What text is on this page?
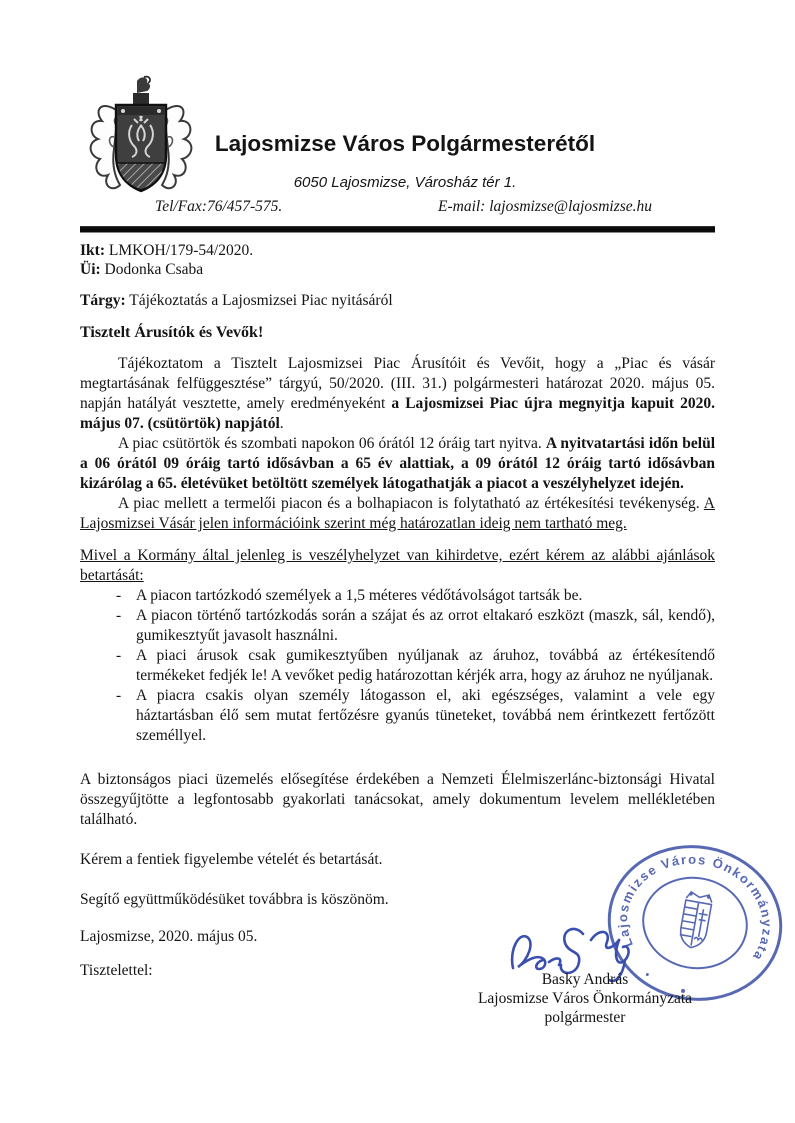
Lajosmizse Város Polgármesterétől
6050 Lajosmizse, Városház tér 1.
Tel/Fax:76/457-575.	E-mail: lajosmizse@lajosmizse.hu
Ikt: LMKOH/179-54/2020.
Üi: Dodonka Csaba
Tárgy: Tájékoztatás a Lajosmizsei Piac nyitásáról
Tisztelt Árusítók és Vevők!

Tájékoztatom a Tisztelt Lajosmizsei Piac Árusítóit és Vevőit, hogy a „Piac és vásár megtartásának felfüggesztése” tárgyú, 50/2020. (III. 31.) polgármesteri határozat 2020. május 05. napján hatályát vesztette, amely eredményeként a Lajosmizsei Piac újra megnyitja kapuit 2020. május 07. (csütörtök) napjától.

A piac csütörtök és szombati napokon 06 órától 12 óráig tart nyitva. A nyitvatartási időn belül a 06 órától 09 óráig tartó idősávban a 65 év alattiak, a 09 órától 12 óráig tartó idősávban kizárólag a 65. életévüket betöltött személyek látogathatják a piacot a veszélyhelyzet idején.

A piac mellett a termelői piacon és a bolhapiacon is folytatható az értékesítési tevékenység. A Lajosmizsei Vásár jelen információink szerint még határozatlan ideig nem tartható meg.

Mivel a Kormány által jelenleg is veszélyhelyzet van kihirdetve, ezért kérem az alábbi ajánlások betartását:

- A piacon tartózkodó személyek a 1,5 méteres védőtávolságot tartsák be.
- A piacon történő tartózkodás során a szájat és az orrot eltakaró eszközt (maszk, sál, kendő), gumikesztyűt javasolt használni.
- A piaci árusok csak gumikesztyűben nyúljanak az áruhoz, továbbá az értékesítendő termékeket fedjék le! A vevőket pedig határozottan kérjék arra, hogy az áruhoz ne nyúljanak.
- A piacra csakis olyan személy látogasson el, aki egészséges, valamint a vele egy háztartásban élő sem mutat fertőzésre gyanús tüneteket, továbbá nem érintkezett fertőzött személlyel.

A biztonságos piaci üzemelés elősegítése érdekében a Nemzeti Élelmiszerlánc-biztonsági Hivatal összegyűjtötte a legfontosabb gyakorlati tanácsokat, amely dokumentum levelem mellékletében található.

Kérem a fentiek figyelembe vételét és betartását.

Segítő együttműködésüket továbbra is köszönöm.

Lajosmizse, 2020. május 05.

Tisztelettel:

Lajosmizse Város Önkormányzata
Basky András
Lajosmizse Város Önkormányzata
polgármester
